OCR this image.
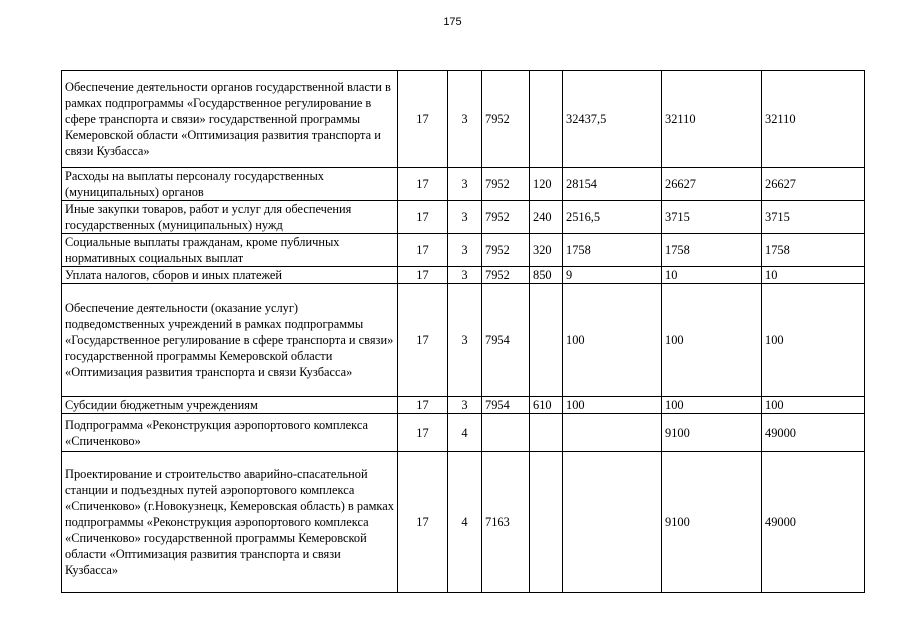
175
Обеспечение деятельности органов государственной власти в рамках подпрограммы «Государственное регулирование в сфере транспорта и связи» государственной программы Кемеровской области «Оптимизация развития транспорта и связи Кузбасса»	17	3	7952		32437,5	32110	32110
Расходы на выплаты персоналу государственных (муниципальных) органов	17	3	7952	120	28154	26627	26627
Иные закупки товаров, работ и услуг для обеспечения государственных (муниципальных) нужд	17	3	7952	240	2516,5	3715	3715
Социальные выплаты гражданам, кроме публичных нормативных социальных выплат	17	3	7952	320	1758	1758	1758
Уплата налогов, сборов и иных платежей	17	3	7952	850	9	10	10
Обеспечение деятельности (оказание услуг) подведомственных учреждений в рамках подпрограммы «Государственное регулирование в сфере транспорта и связи» государственной программы Кемеровской области «Оптимизация развития транспорта и связи Кузбасса»	17	3	7954		100	100	100
Субсидии бюджетным учреждениям	17	3	7954	610	100	100	100
Подпрограмма «Реконструкция аэропортового комплекса «Спиченково»	17	4				9100	49000
Проектирование и строительство аварийно-спасательной станции и подъездных путей аэропортового комплекса «Спиченково» (г.Новокузнецк, Кемеровская область) в рамках подпрограммы «Реконструкция аэропортового комплекса «Спиченково» государственной программы Кемеровской области «Оптимизация развития транспорта и связи Кузбасса»	17	4	7163			9100	49000
